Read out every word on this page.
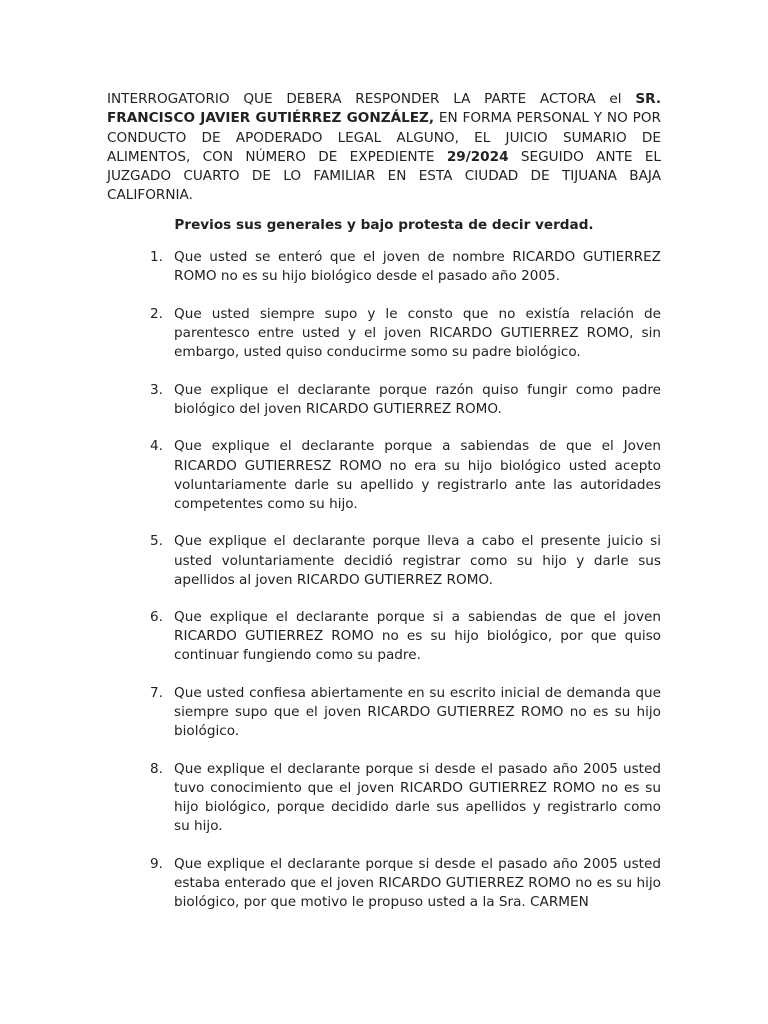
INTERROGATORIO QUE DEBERA RESPONDER LA PARTE ACTORA el SR. FRANCISCO JAVIER GUTIÉRREZ GONZÁLEZ, EN FORMA PERSONAL Y NO POR CONDUCTO DE APODERADO LEGAL ALGUNO, EL JUICIO SUMARIO DE ALIMENTOS, CON NÚMERO DE EXPEDIENTE 29/2024 SEGUIDO ANTE EL JUZGADO CUARTO DE LO FAMILIAR EN ESTA CIUDAD DE TIJUANA BAJA CALIFORNIA.

Previos sus generales y bajo protesta de decir verdad.

1. Que usted se enteró que el joven de nombre RICARDO GUTIERREZ ROMO no es su hijo biológico desde el pasado año 2005.
2. Que usted siempre supo y le consto que no existía relación de parentesco entre usted y el joven RICARDO GUTIERREZ ROMO, sin embargo, usted quiso conducirme somo su padre biológico.
3. Que explique el declarante porque razón quiso fungir como padre biológico del joven RICARDO GUTIERREZ ROMO.
4. Que explique el declarante porque a sabiendas de que el Joven RICARDO GUTIERRESZ ROMO no era su hijo biológico usted acepto voluntariamente darle su apellido y registrarlo ante las autoridades competentes como su hijo.
5. Que explique el declarante porque lleva a cabo el presente juicio si usted voluntariamente decidió registrar como su hijo y darle sus apellidos al joven RICARDO GUTIERREZ ROMO.
6. Que explique el declarante porque si a sabiendas de que el joven RICARDO GUTIERREZ ROMO no es su hijo biológico, por que quiso continuar fungiendo como su padre.
7. Que usted confiesa abiertamente en su escrito inicial de demanda que siempre supo que el joven RICARDO GUTIERREZ ROMO no es su hijo biológico.
8. Que explique el declarante porque si desde el pasado año 2005 usted tuvo conocimiento que el joven RICARDO GUTIERREZ ROMO no es su hijo biológico, porque decidido darle sus apellidos y registrarlo como su hijo.
9. Que explique el declarante porque si desde el pasado año 2005 usted estaba enterado que el joven RICARDO GUTIERREZ ROMO no es su hijo biológico, por que motivo le propuso usted a la Sra. CARMEN
